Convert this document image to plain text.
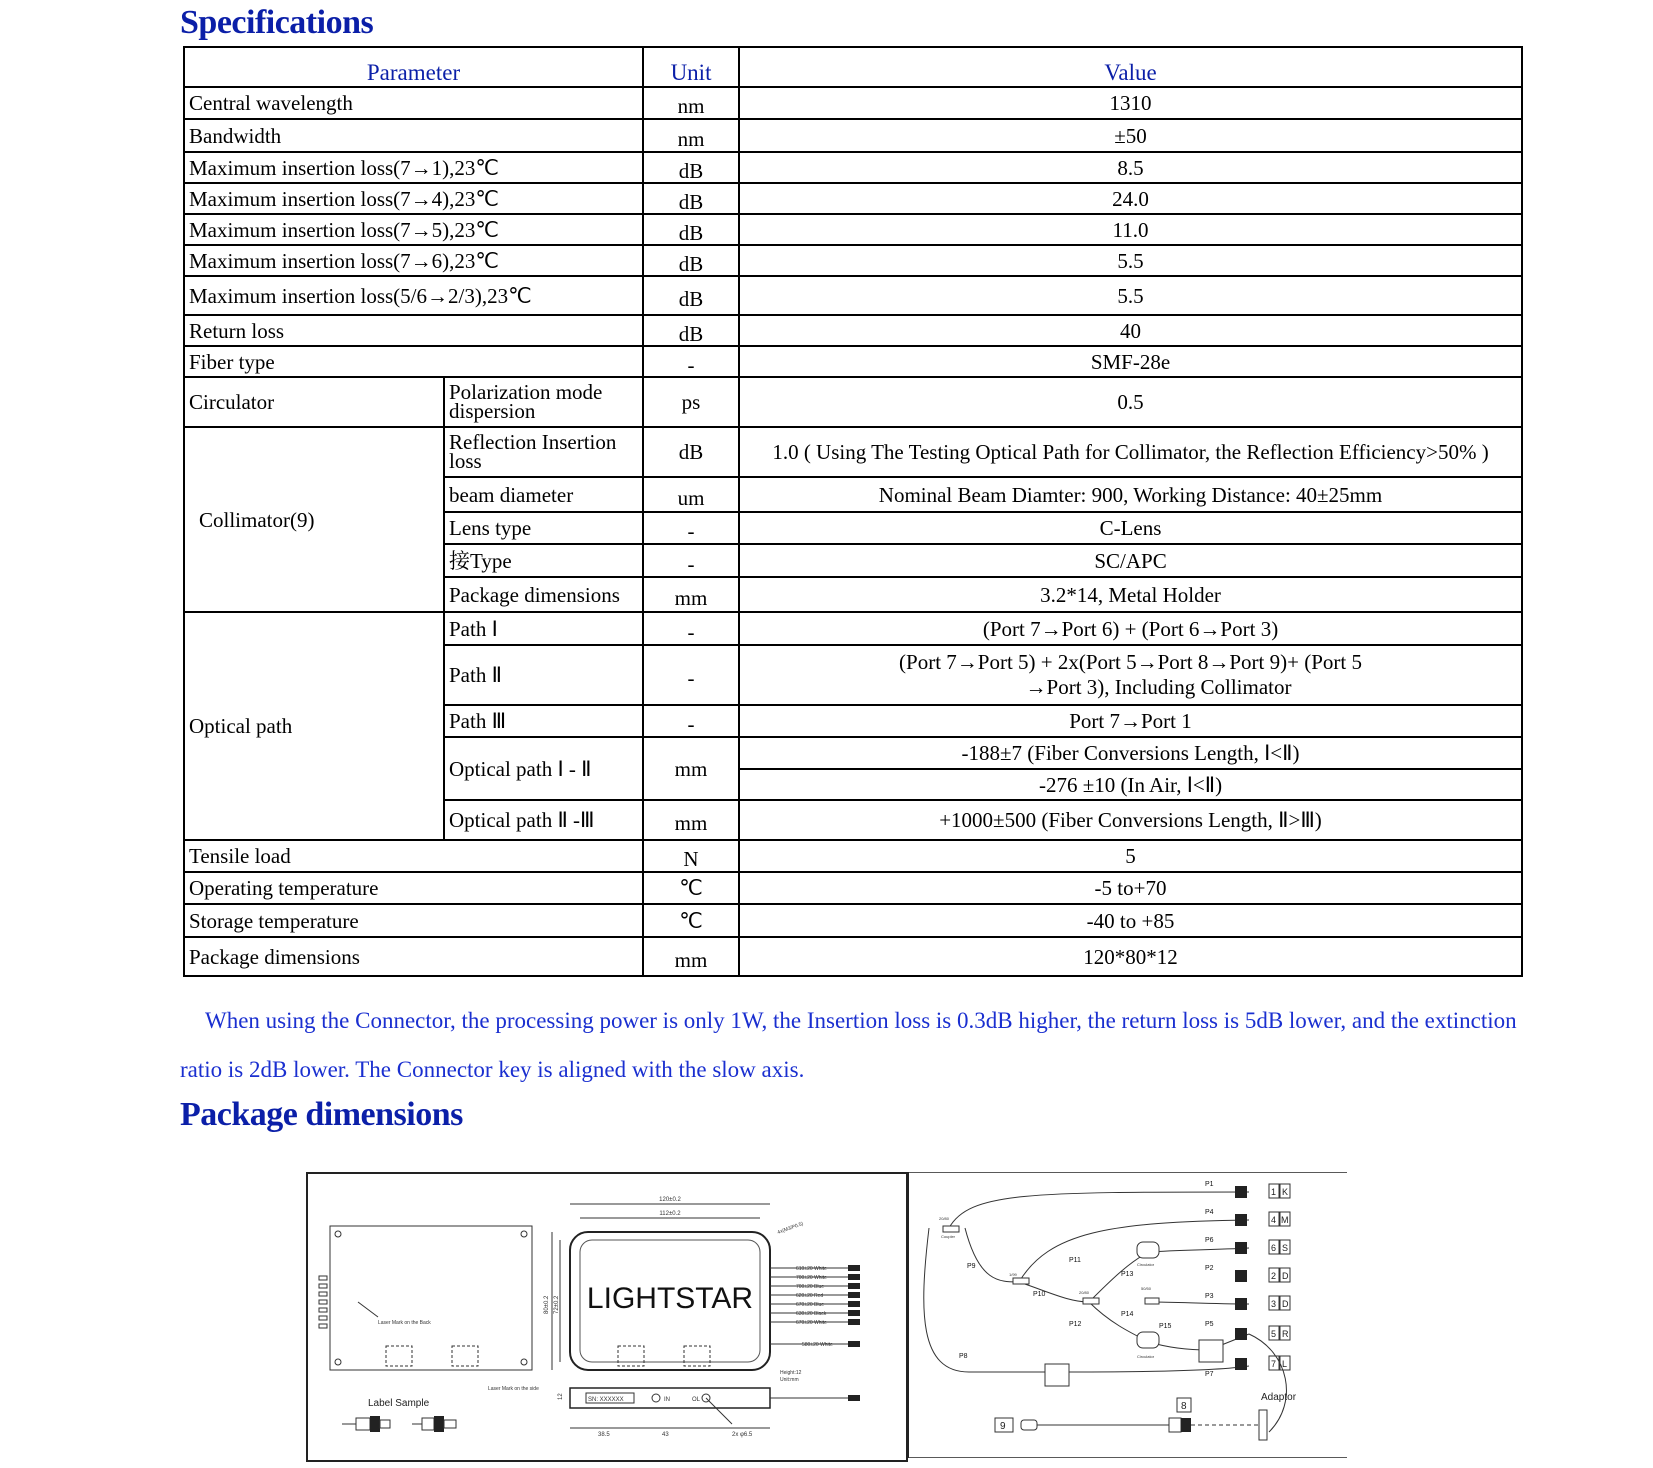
Specifications
Parameter		Unit	Value
Central wavelength		nm	1310
Bandwidth		nm	±50
Maximum insertion loss(7→1),23℃		dB	8.5
Maximum insertion loss(7→4),23℃		dB	24.0
Maximum insertion loss(7→5),23℃		dB	11.0
Maximum insertion loss(7→6),23℃		dB	5.5
Maximum insertion loss(5/6→2/3),23℃		dB	5.5
Return loss		dB	40
Fiber type		-	SMF-28e
Circulator	Polarization mode dispersion	ps	0.5
Collimator(9)	Reflection Insertion loss	dB	1.0 ( Using The Testing Optical Path for Collimator, the Reflection Efficiency>50% )
	beam diameter	um	Nominal Beam Diamter: 900, Working Distance: 40±25mm
	Lens type	-	C-Lens
	接Type	-	SC/APC
	Package dimensions	mm	3.2*14, Metal Holder
Optical path	Path Ⅰ	-	(Port 7→Port 6) + (Port 6→Port 3)
	Path Ⅱ	-	(Port 7→Port 5) + 2x(Port 5→Port 8→Port 9)+ (Port 5
→Port 3), Including Collimator

	Path Ⅲ	-	Port 7→Port 1
	Optical path Ⅰ - Ⅱ	mm	-188±7 (Fiber Conversions Length, Ⅰ<Ⅱ)
			-276 ±10 (In Air, Ⅰ<Ⅱ)
	Optical path Ⅱ -Ⅲ	mm	+1000±500 (Fiber Conversions Length, Ⅱ>Ⅲ)
Tensile load		N	5
Operating temperature		℃	-5 to+70
Storage temperature		℃	-40 to +85
Package dimensions		mm	120*80*12
When using the Connector, the processing power is only 1W, the Insertion loss is 0.3dB higher, the return loss is 5dB lower, and the extinction ratio is 2dB lower. The Connector key is aligned with the slow axis.
Package dimensions
Laser Mark on the Back
LIGHTSTAR
120±0.2
112±0.2
4x(M3/P0.5)
80±0.2 72±0.2
610±20 White
700±20 White
700±20 Blue
620±20 Red
670±20 Blue
630±20 Black
670±20 White
580±20 White
Height:12
Unit:mm
Laser Mark on the side
12	SN: XXXXXX	IN	OL
38.5	43	2x φ6.5
Label Sample
20/80
Coupler
1/99
20/80
50/50
Circulator
Circulator
P9
P10
P11
P12
P13
P14
P15
P8
P1
P4
P6
P2
P3
P5
P7
1 K
4 M
6 S
2 D
3 D
5 R
7 L
Adaptor
8
9
